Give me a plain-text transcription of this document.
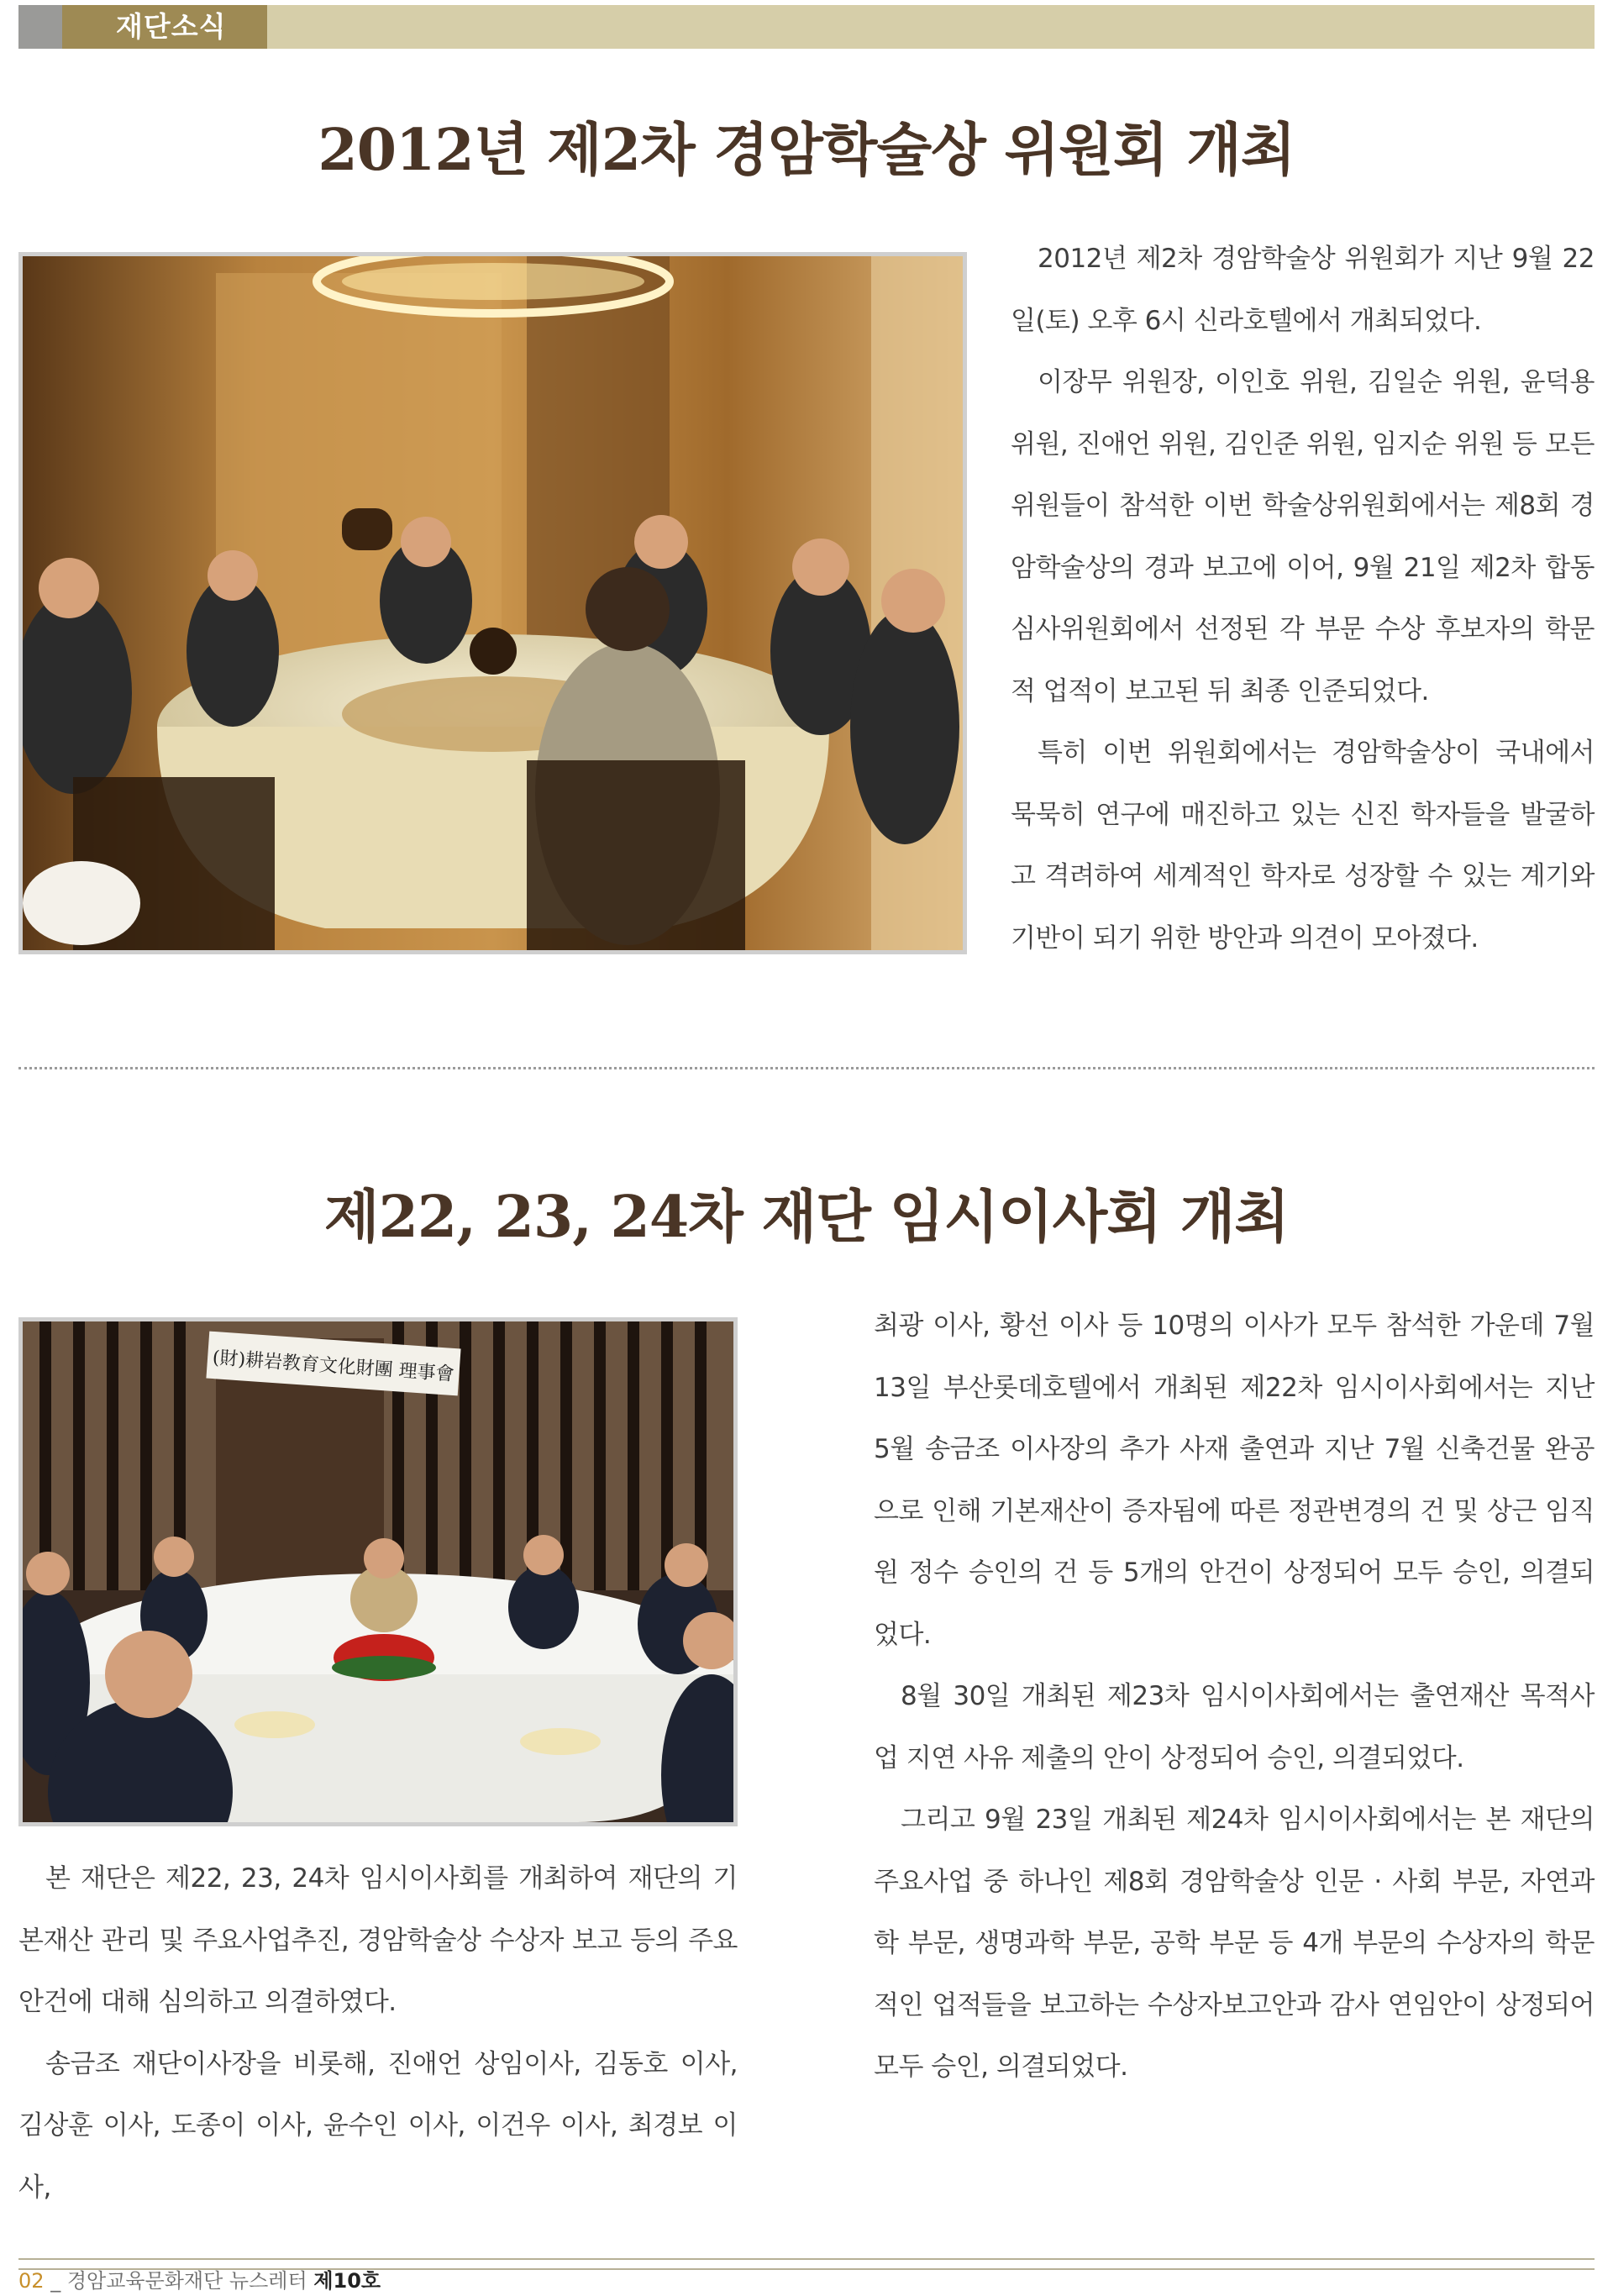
재단소식
2012년 제2차 경암학술상 위원회 개최

2012년 제2차 경암학술상 위원회가 지난 9월 22일(토) 오후 6시 신라호텔에서 개최되었다.

이장무 위원장, 이인호 위원, 김일순 위원, 윤덕용 위원, 진애언 위원, 김인준 위원, 임지순 위원 등 모든 위원들이 참석한 이번 학술상위원회에서는 제8회 경암학술상의 경과 보고에 이어, 9월 21일 제2차 합동심사위원회에서 선정된 각 부문 수상 후보자의 학문적 업적이 보고된 뒤 최종 인준되었다.

특히 이번 위원회에서는 경암학술상이 국내에서 묵묵히 연구에 매진하고 있는 신진 학자들을 발굴하고 격려하여 세계적인 학자로 성장할 수 있는 계기와 기반이 되기 위한 방안과 의견이 모아졌다.

제22, 23, 24차 재단 임시이사회 개최
(財)耕岩教育文化財團 理事會

본 재단은 제22, 23, 24차 임시이사회를 개최하여 재단의 기본재산 관리 및 주요사업추진, 경암학술상 수상자 보고 등의 주요 안건에 대해 심의하고 의결하였다.

송금조 재단이사장을 비롯해, 진애언 상임이사, 김동호 이사, 김상훈 이사, 도종이 이사, 윤수인 이사, 이건우 이사, 최경보 이사,

최광 이사, 황선 이사 등 10명의 이사가 모두 참석한 가운데 7월 13일 부산롯데호텔에서 개최된 제22차 임시이사회에서는 지난 5월 송금조 이사장의 추가 사재 출연과 지난 7월 신축건물 완공으로 인해 기본재산이 증자됨에 따른 정관변경의 건 및 상근 임직원 정수 승인의 건 등 5개의 안건이 상정되어 모두 승인, 의결되었다.

8월 30일 개최된 제23차 임시이사회에서는 출연재산 목적사업 지연 사유 제출의 안이 상정되어 승인, 의결되었다.

그리고 9월 23일 개최된 제24차 임시이사회에서는 본 재단의 주요사업 중 하나인 제8회 경암학술상 인문 · 사회 부문, 자연과학 부문, 생명과학 부문, 공학 부문 등 4개 부문의 수상자의 학문적인 업적들을 보고하는 수상자보고안과 감사 연임안이 상정되어 모두 승인, 의결되었다.

02 _ 경암교육문화재단 뉴스레터 제10호
